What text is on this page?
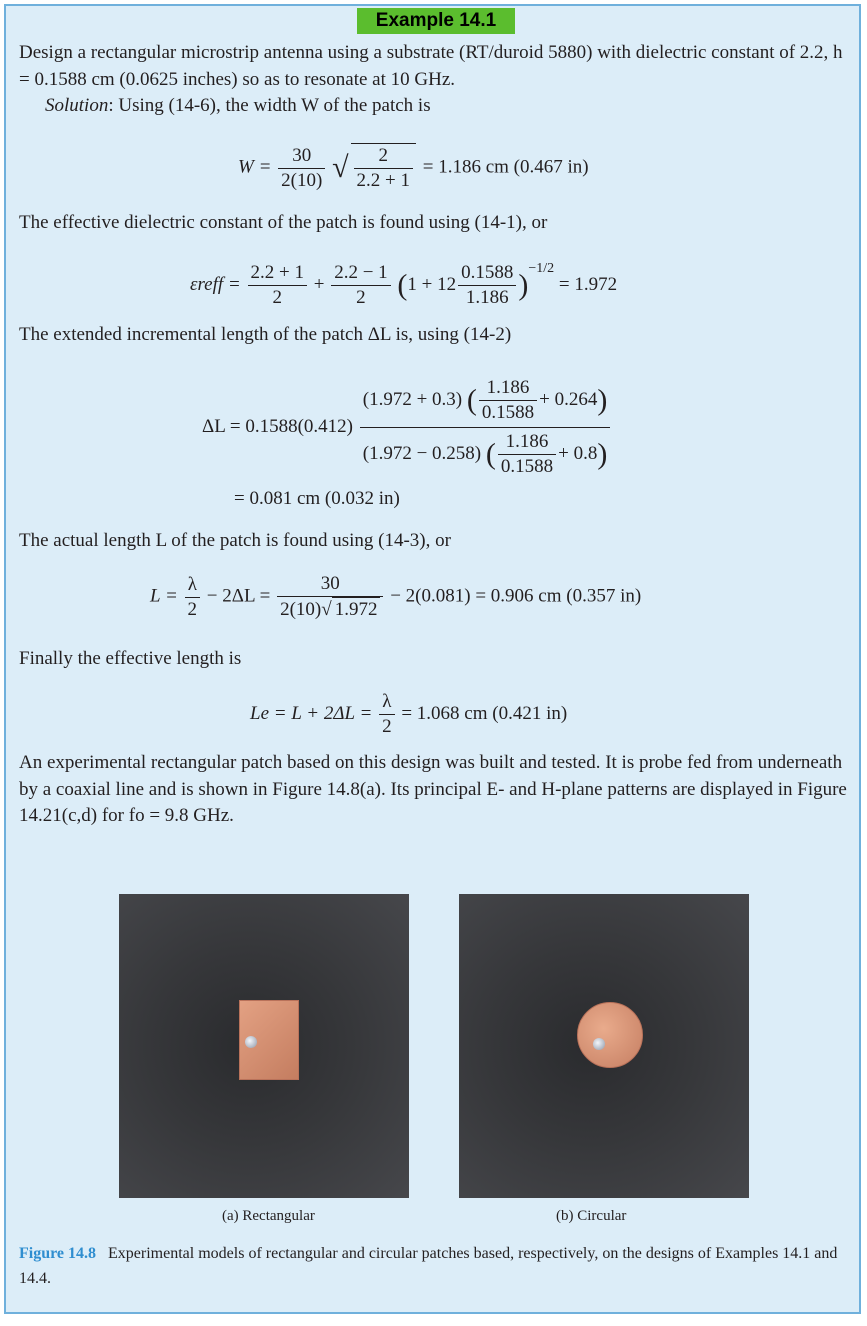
Example 14.1
Design a rectangular microstrip antenna using a substrate (RT/duroid 5880) with dielectric constant of 2.2, h = 0.1588 cm (0.0625 inches) so as to resonate at 10 GHz.
Solution: Using (14-6), the width W of the patch is
$W = \frac{30}{2(10)}$ √ $\frac{2}{2.2 + 1} = 1.186$ cm (0.467 in)
The effective dielectric constant of the patch is found using (14-1), or
εreff = $\frac{2.2 + 1}{2} + \frac{2.2 - 1}{2} (1 + 12 \frac{0.1588}{1.186} )^{-1/2} = 1.972$
The extended incremental length of the patch ΔL is, using (14-2)
$\Delta L = 0.1588(0.412) \frac{(1.972 + 0.3) ( \frac{1.186}{0.1588} + 0.264)}{(1.972 - 0.258) ( \frac{1.186}{0.1588} + 0.8)}$
= 0.081 cm (0.032 in)
The actual length L of the patch is found using (14-3), or
$L = \frac{\lambda}{2} - 2\Delta L = \frac{30}{2(10)√ 1.972} - 2(0.081) = 0.906$ cm (0.357 in)
Finally the effective length is
$Le = L + 2\Delta L = \frac{\lambda}{2} = 1.068$ cm (0.421 in)
An experimental rectangular patch based on this design was built and tested. It is probe fed from underneath by a coaxial line and is shown in Figure 14.8(a). Its principal E- and H-plane patterns are displayed in Figure 14.21(c,d) for fo = 9.8 GHz.
(a) Rectangular	(b) Circular
Figure 14.8 Experimental models of rectangular and circular patches based, respectively, on the designs of Examples 14.1 and 14.4.
